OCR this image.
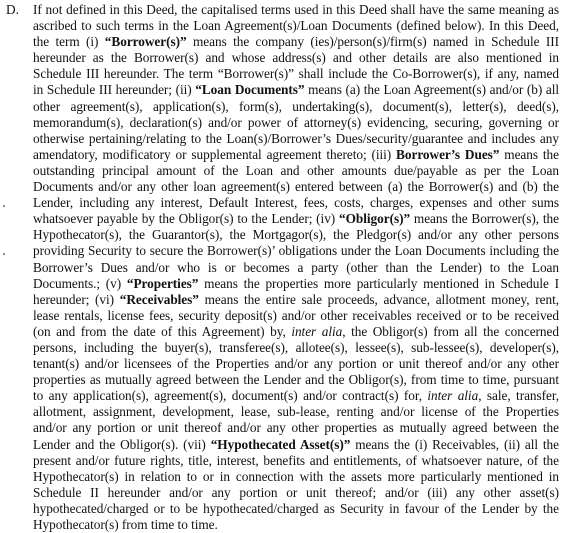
D. If not defined in this Deed, the capitalised terms used in this Deed shall have the same meaning as
ascribed to such terms in the Loan Agreement(s)/Loan Documents (defined below). In this Deed,
the term (i) “Borrower(s)” means the company (ies)/person(s)/firm(s) named in Schedule III
hereunder as the Borrower(s) and whose address(s) and other details are also mentioned in
Schedule III hereunder. The term “Borrower(s)” shall include the Co-Borrower(s), if any, named
in Schedule III hereunder; (ii) “Loan Documents” means (a) the Loan Agreement(s) and/or (b) all
other agreement(s), application(s), form(s), undertaking(s), document(s), letter(s), deed(s),
memorandum(s), declaration(s) and/or power of attorney(s) evidencing, securing, governing or
otherwise pertaining/relating to the Loan(s)/Borrower’s Dues/security/guarantee and includes any
amendatory, modificatory or supplemental agreement thereto; (iii) Borrower’s Dues” means the
outstanding principal amount of the Loan and other amounts due/payable as per the Loan
Documents and/or any other loan agreement(s) entered between (a) the Borrower(s) and (b) the
Lender, including any interest, Default Interest, fees, costs, charges, expenses and other sums
whatsoever payable by the Obligor(s) to the Lender; (iv) “Obligor(s)” means the Borrower(s), the
Hypothecator(s), the Guarantor(s), the Mortgagor(s), the Pledgor(s) and/or any other persons
providing Security to secure the Borrower(s)’ obligations under the Loan Documents including the
Borrower’s Dues and/or who is or becomes a party (other than the Lender) to the Loan
Documents.; (v) “Properties” means the properties more particularly mentioned in Schedule I
hereunder; (vi) “Receivables” means the entire sale proceeds, advance, allotment money, rent,
lease rentals, license fees, security deposit(s) and/or other receivables received or to be received
(on and from the date of this Agreement) by, inter alia, the Obligor(s) from all the concerned
persons, including the buyer(s), transferee(s), allotee(s), lessee(s), sub-lessee(s), developer(s),
tenant(s) and/or licensees of the Properties and/or any portion or unit thereof and/or any other
properties as mutually agreed between the Lender and the Obligor(s), from time to time, pursuant
to any application(s), agreement(s), document(s) and/or contract(s) for, inter alia, sale, transfer,
allotment, assignment, development, lease, sub-lease, renting and/or license of the Properties
and/or any portion or unit thereof and/or any other properties as mutually agreed between the
Lender and the Obligor(s). (vii) “Hypothecated Asset(s)” means the (i) Receivables, (ii) all the
present and/or future rights, title, interest, benefits and entitlements, of whatsoever nature, of the
Hypothecator(s) in relation to or in connection with the assets more particularly mentioned in
Schedule II hereunder and/or any portion or unit thereof; and/or (iii) any other asset(s)
hypothecated/charged or to be hypothecated/charged as Security in favour of the Lender by the
Hypothecator(s) from time to time.
